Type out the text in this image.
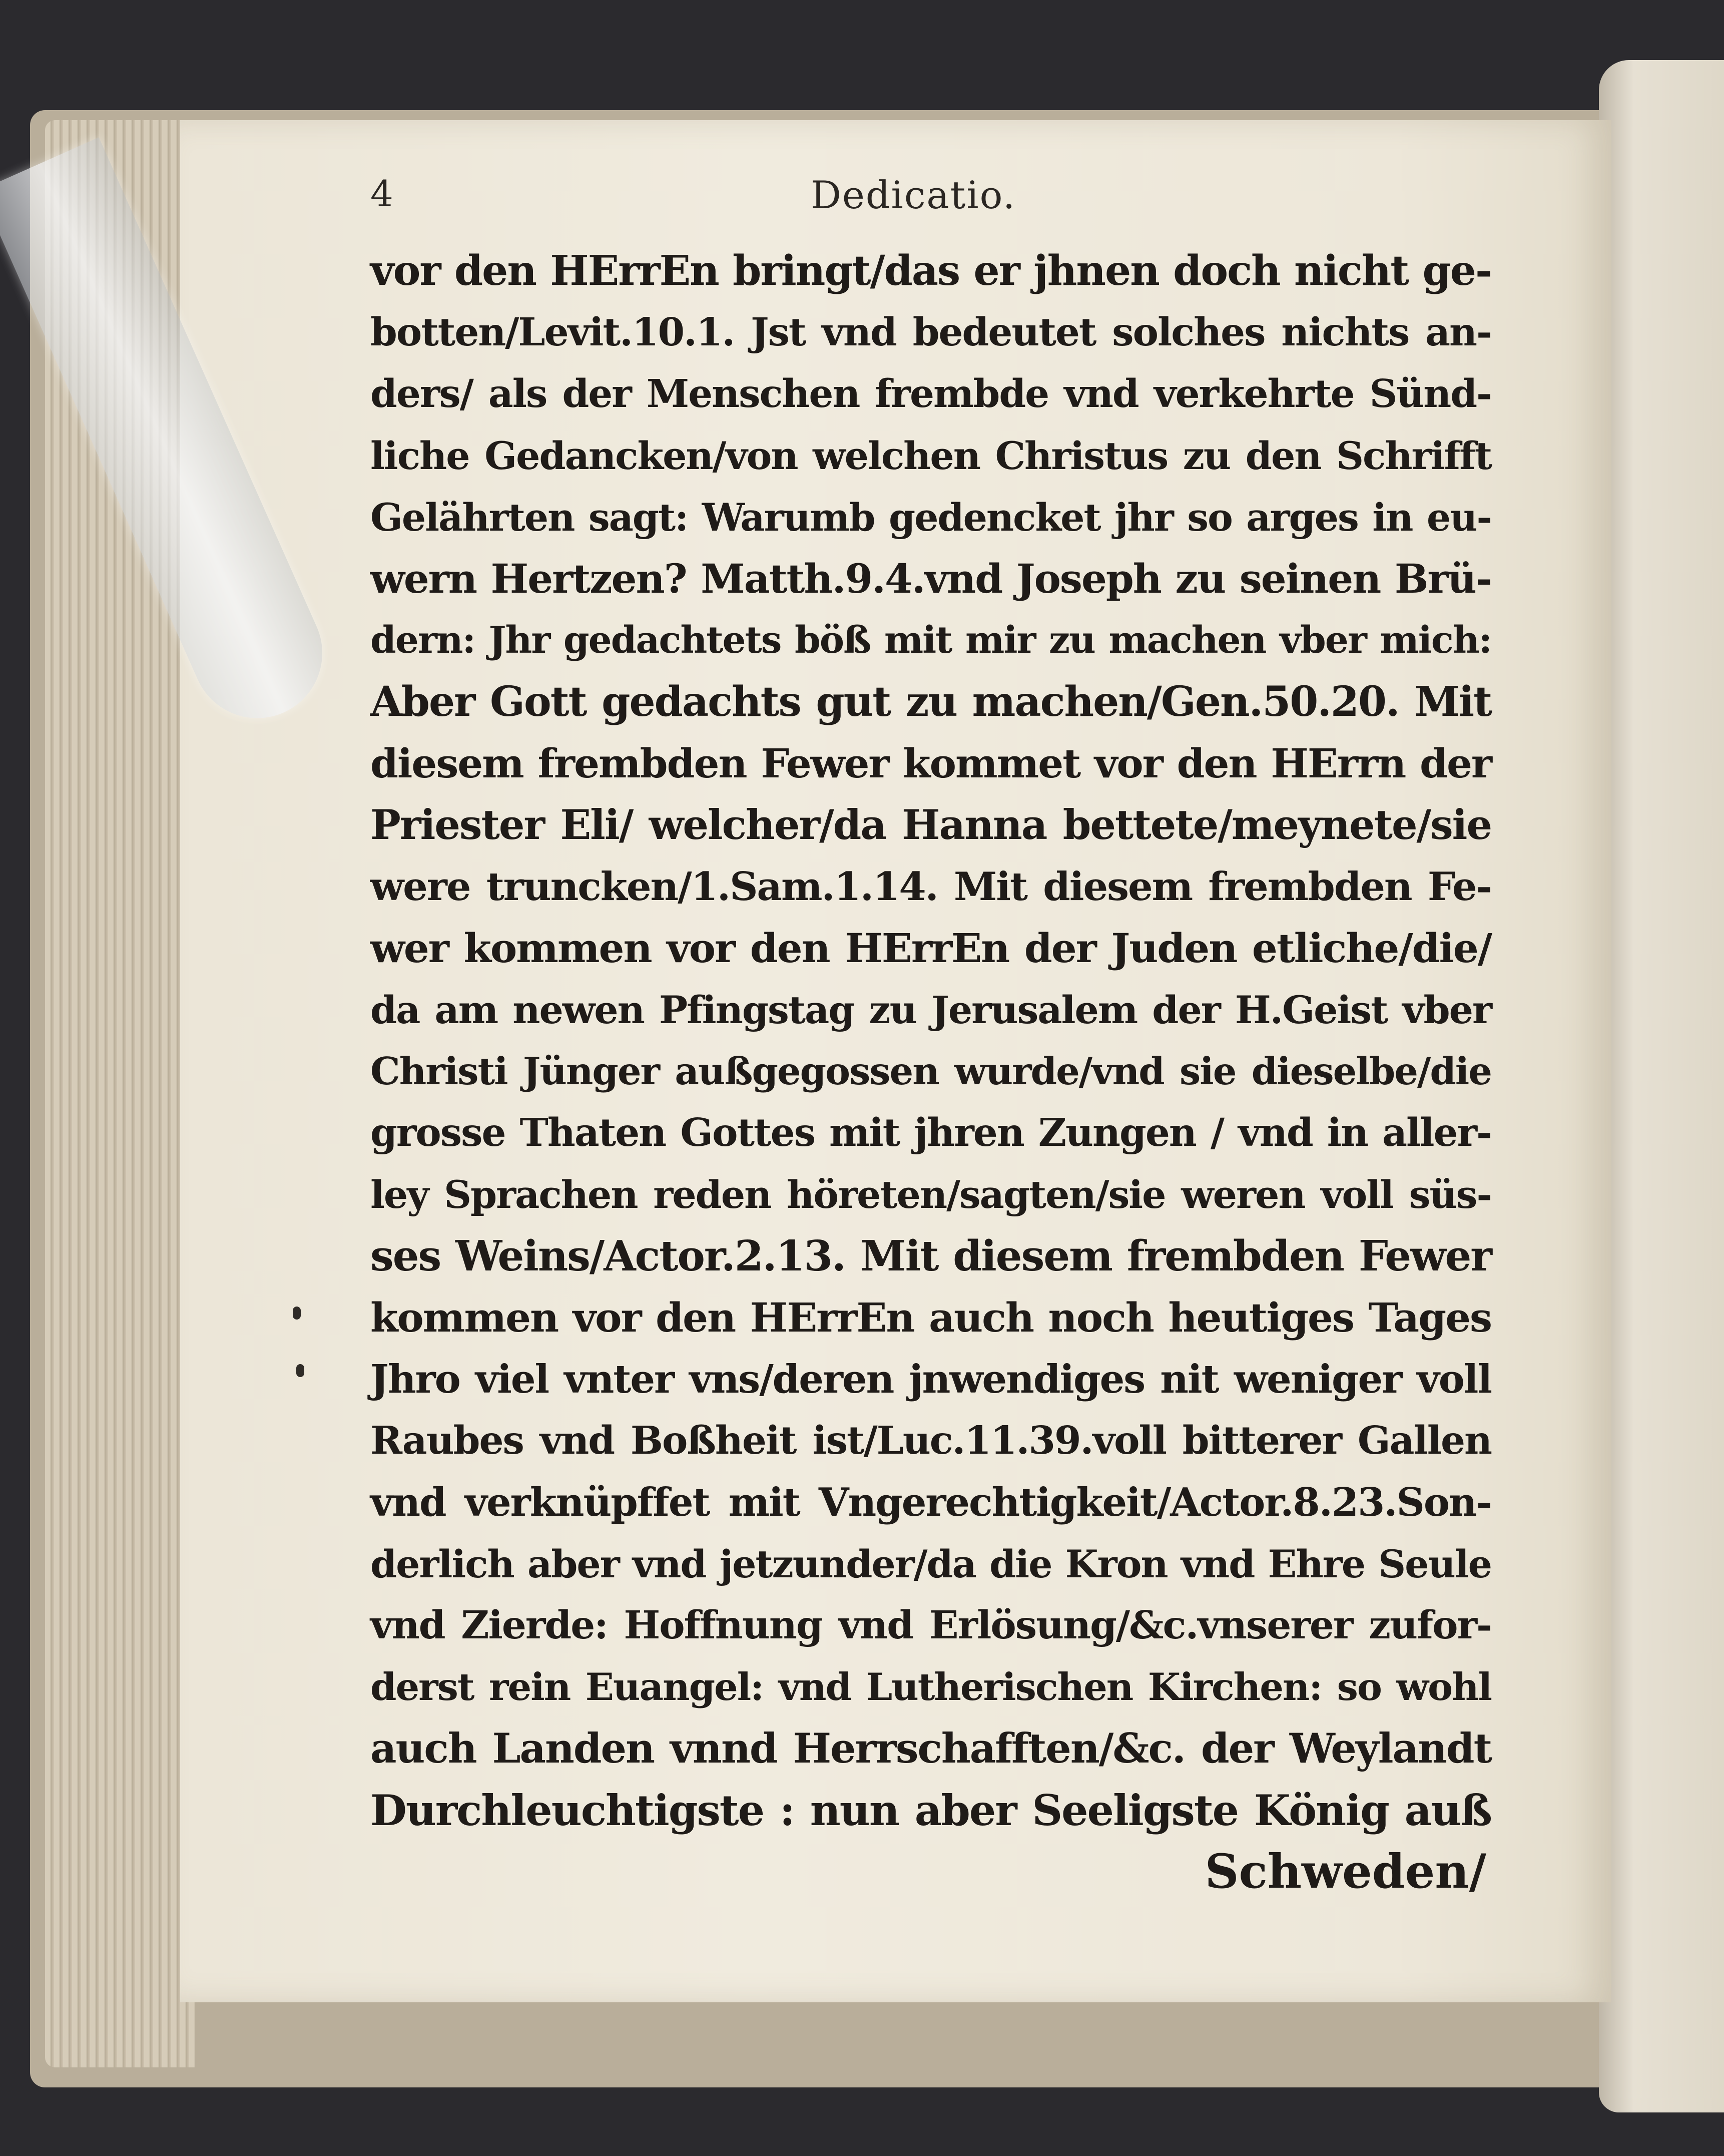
4	Dedicatio.
vor den HErrEn bringt/das er jhnen doch nicht ge-
botten/Levit.10.1. Jst vnd bedeutet solches nichts an-
ders/ als der Menschen frembde vnd verkehrte Sünd-
liche Gedancken/von welchen Christus zu den Schrifft
Gelährten sagt: Warumb gedencket jhr so arges in eu-
wern Hertzen? Matth.9.4.vnd Joseph zu seinen Brü-
dern: Jhr gedachtets böß mit mir zu machen vber mich:
Aber Gott gedachts gut zu machen/Gen.50.20. Mit
diesem frembden Fewer kommet vor den HErrn der
Priester Eli/ welcher/da Hanna bettete/meynete/sie
were truncken/1.Sam.1.14. Mit diesem frembden Fe-
wer kommen vor den HErrEn der Juden etliche/die/
da am newen Pfingstag zu Jerusalem der H.Geist vber
Christi Jünger außgegossen wurde/vnd sie dieselbe/die
grosse Thaten Gottes mit jhren Zungen / vnd in aller-
ley Sprachen reden höreten/sagten/sie weren voll süs-
ses Weins/Actor.2.13. Mit diesem frembden Fewer
kommen vor den HErrEn auch noch heutiges Tages
Jhro viel vnter vns/deren jnwendiges nit weniger voll
Raubes vnd Boßheit ist/Luc.11.39.voll bitterer Gallen
vnd verknüpffet mit Vngerechtigkeit/Actor.8.23.Son-
derlich aber vnd jetzunder/da die Kron vnd Ehre Seule
vnd Zierde: Hoffnung vnd Erlösung/&c.vnserer zufor-
derst rein Euangel: vnd Lutherischen Kirchen: so wohl
auch Landen vnnd Herrschafften/&c. der Weylandt
Durchleuchtigste : nun aber Seeligste König auß
Schweden/
